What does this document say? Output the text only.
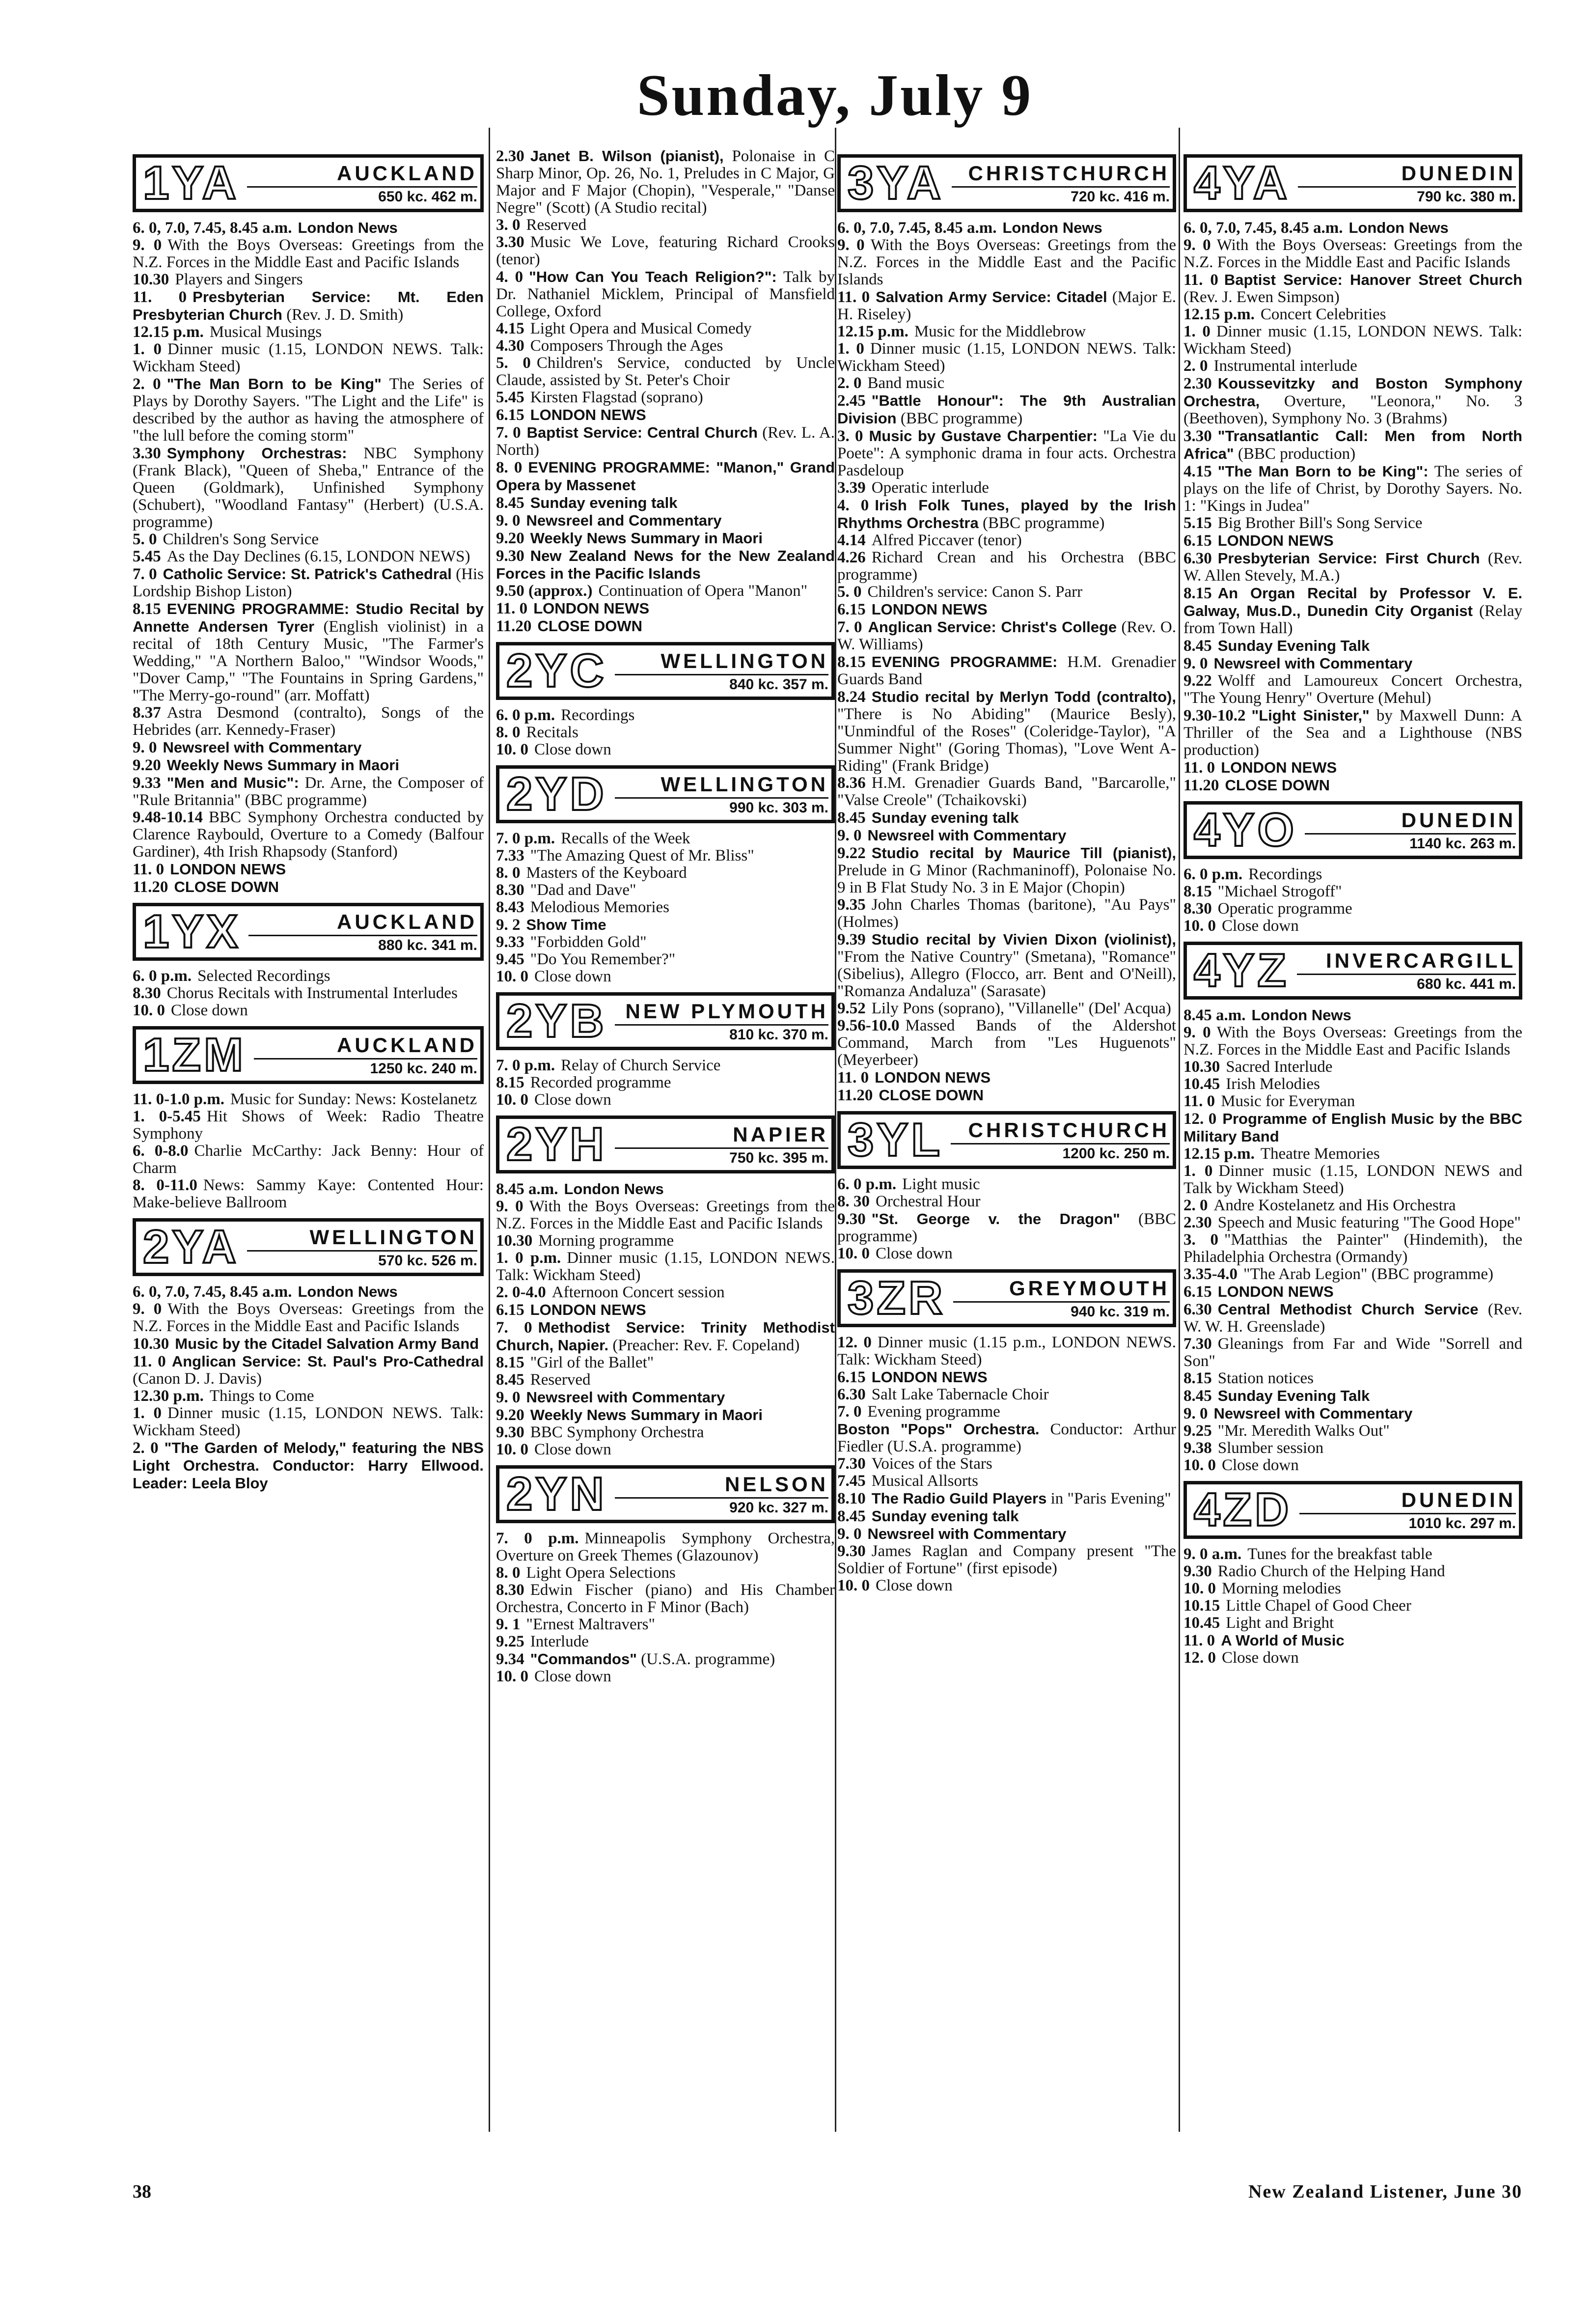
Sunday, July 9
1YA	AUCKLAND
650 kc. 462 m.

6. 0, 7.0, 7.45, 8.45 a.m. London News

9. 0 With the Boys Overseas: Greetings from the N.Z. Forces in the Middle East and Pacific Islands

10.30 Players and Singers

11. 0 Presbyterian Service: Mt. Eden Presbyterian Church (Rev. J. D. Smith)

12.15 p.m. Musical Musings

1. 0 Dinner music (1.15, LONDON NEWS. Talk: Wickham Steed)

2. 0 "The Man Born to be King" The Series of Plays by Dorothy Sayers. "The Light and the Life" is described by the author as having the atmosphere of "the lull before the coming storm"

3.30 Symphony Orchestras: NBC Symphony (Frank Black), "Queen of Sheba," Entrance of the Queen (Goldmark), Unfinished Symphony (Schubert), "Woodland Fantasy" (Herbert) (U.S.A. programme)

5. 0 Children's Song Service

5.45 As the Day Declines (6.15, LONDON NEWS)

7. 0 Catholic Service: St. Patrick's Cathedral (His Lordship Bishop Liston)

8.15 EVENING PROGRAMME: Studio Recital by Annette Andersen Tyrer (English violinist) in a recital of 18th Century Music, "The Farmer's Wedding," "A Northern Baloo," "Windsor Woods," "Dover Camp," "The Fountains in Spring Gardens," "The Merry-go-round" (arr. Moffatt)

8.37 Astra Desmond (contralto), Songs of the Hebrides (arr. Kennedy-Fraser)

9. 0 Newsreel with Commentary

9.20 Weekly News Summary in Maori

9.33 "Men and Music": Dr. Arne, the Composer of "Rule Britannia" (BBC programme)

9.48-10.14 BBC Symphony Orchestra conducted by Clarence Raybould, Overture to a Comedy (Balfour Gardiner), 4th Irish Rhapsody (Stanford)

11. 0 LONDON NEWS

11.20 CLOSE DOWN

1YX	AUCKLAND
880 kc. 341 m.

6. 0 p.m. Selected Recordings

8.30 Chorus Recitals with Instrumental Interludes

10. 0 Close down

1ZM	AUCKLAND
1250 kc. 240 m.

11. 0-1.0 p.m. Music for Sunday: News: Kostelanetz

1. 0-5.45 Hit Shows of Week: Radio Theatre Symphony

6. 0-8.0 Charlie McCarthy: Jack Benny: Hour of Charm

8. 0-11.0 News: Sammy Kaye: Contented Hour: Make-believe Ballroom

2YA	WELLINGTON
570 kc. 526 m.

6. 0, 7.0, 7.45, 8.45 a.m. London News

9. 0 With the Boys Overseas: Greetings from the N.Z. Forces in the Middle East and Pacific Islands

10.30 Music by the Citadel Salvation Army Band

11. 0 Anglican Service: St. Paul's Pro-Cathedral (Canon D. J. Davis)

12.30 p.m. Things to Come

1. 0 Dinner music (1.15, LONDON NEWS. Talk: Wickham Steed)

2. 0 "The Garden of Melody," featuring the NBS Light Orchestra. Conductor: Harry Ellwood. Leader: Leela Bloy

2.30 Janet B. Wilson (pianist), Polonaise in C Sharp Minor, Op. 26, No. 1, Preludes in C Major, G Major and F Major (Chopin), "Vesperale," "Danse Negre" (Scott) (A Studio recital)

3. 0 Reserved

3.30 Music We Love, featuring Richard Crooks (tenor)

4. 0 "How Can You Teach Religion?": Talk by Dr. Nathaniel Micklem, Principal of Mansfield College, Oxford

4.15 Light Opera and Musical Comedy

4.30 Composers Through the Ages

5. 0 Children's Service, conducted by Uncle Claude, assisted by St. Peter's Choir

5.45 Kirsten Flagstad (soprano)

6.15 LONDON NEWS

7. 0 Baptist Service: Central Church (Rev. L. A. North)

8. 0 EVENING PROGRAMME: "Manon," Grand Opera by Massenet

8.45 Sunday evening talk

9. 0 Newsreel and Commentary

9.20 Weekly News Summary in Maori

9.30 New Zealand News for the New Zealand Forces in the Pacific Islands

9.50 (approx.) Continuation of Opera "Manon"

11. 0 LONDON NEWS

11.20 CLOSE DOWN

2YC	WELLINGTON
840 kc. 357 m.

6. 0 p.m. Recordings

8. 0 Recitals

10. 0 Close down

2YD	WELLINGTON
990 kc. 303 m.

7. 0 p.m. Recalls of the Week

7.33 "The Amazing Quest of Mr. Bliss"

8. 0 Masters of the Keyboard

8.30 "Dad and Dave"

8.43 Melodious Memories

9. 2 Show Time

9.33 "Forbidden Gold"

9.45 "Do You Remember?"

10. 0 Close down

2YB NEW PLYMOUTH
810 kc. 370 m.

7. 0 p.m. Relay of Church Service

8.15 Recorded programme

10. 0 Close down

2YH	NAPIER
750 kc. 395 m.

8.45 a.m. London News

9. 0 With the Boys Overseas: Greetings from the N.Z. Forces in the Middle East and Pacific Islands

10.30 Morning programme

1. 0 p.m. Dinner music (1.15, LONDON NEWS. Talk: Wickham Steed)

2. 0-4.0 Afternoon Concert session

6.15 LONDON NEWS

7. 0 Methodist Service: Trinity Methodist Church, Napier. (Preacher: Rev. F. Copeland)

8.15 "Girl of the Ballet"

8.45 Reserved

9. 0 Newsreel with Commentary

9.20 Weekly News Summary in Maori

9.30 BBC Symphony Orchestra

10. 0 Close down

2YN	NELSON
920 kc. 327 m.

7. 0 p.m. Minneapolis Symphony Orchestra, Overture on Greek Themes (Glazounov)

8. 0 Light Opera Selections

8.30 Edwin Fischer (piano) and His Chamber Orchestra, Concerto in F Minor (Bach)

9. 1 "Ernest Maltravers"

9.25 Interlude

9.34 "Commandos" (U.S.A. programme)

10. 0 Close down

3YA	CHRISTCHURCH
720 kc. 416 m.

6. 0, 7.0, 7.45, 8.45 a.m. London News

9. 0 With the Boys Overseas: Greetings from the N.Z. Forces in the Middle East and the Pacific Islands

11. 0 Salvation Army Service: Citadel (Major E. H. Riseley)

12.15 p.m. Music for the Middlebrow

1. 0 Dinner music (1.15, LONDON NEWS. Talk: Wickham Steed)

2. 0 Band music

2.45 "Battle Honour": The 9th Australian Division (BBC programme)

3. 0 Music by Gustave Charpentier: "La Vie du Poete": A symphonic drama in four acts. Orchestra Pasdeloup

3.39 Operatic interlude

4. 0 Irish Folk Tunes, played by the Irish Rhythms Orchestra (BBC programme)

4.14 Alfred Piccaver (tenor)

4.26 Richard Crean and his Orchestra (BBC programme)

5. 0 Children's service: Canon S. Parr

6.15 LONDON NEWS

7. 0 Anglican Service: Christ's College (Rev. O. W. Williams)

8.15 EVENING PROGRAMME: H.M. Grenadier Guards Band

8.24 Studio recital by Merlyn Todd (contralto), "There is No Abiding" (Maurice Besly), "Unmindful of the Roses" (Coleridge-Taylor), "A Summer Night" (Goring Thomas), "Love Went A-Riding" (Frank Bridge)

8.36 H.M. Grenadier Guards Band, "Barcarolle," "Valse Creole" (Tchaikovski)

8.45 Sunday evening talk

9. 0 Newsreel with Commentary

9.22 Studio recital by Maurice Till (pianist), Prelude in G Minor (Rachmaninoff), Polonaise No. 9 in B Flat Study No. 3 in E Major (Chopin)

9.35 John Charles Thomas (baritone), "Au Pays" (Holmes)

9.39 Studio recital by Vivien Dixon (violinist), "From the Native Country" (Smetana), "Romance" (Sibelius), Allegro (Flocco, arr. Bent and O'Neill), "Romanza Andaluza" (Sarasate)

9.52 Lily Pons (soprano), "Villanelle" (Del' Acqua)

9.56-10.0 Massed Bands of the Aldershot Command, March from "Les Huguenots" (Meyerbeer)

11. 0 LONDON NEWS

11.20 CLOSE DOWN

3YL	CHRISTCHURCH
1200 kc. 250 m.

6. 0 p.m. Light music

8. 30 Orchestral Hour

9.30 "St. George v. the Dragon" (BBC programme)

10. 0 Close down

3ZR	GREYMOUTH
940 kc. 319 m.

12. 0 Dinner music (1.15 p.m., LONDON NEWS. Talk: Wickham Steed)

6.15 LONDON NEWS

6.30 Salt Lake Tabernacle Choir

7. 0 Evening programme

Boston "Pops" Orchestra. Conductor: Arthur Fiedler (U.S.A. programme)

7.30 Voices of the Stars

7.45 Musical Allsorts

8.10 The Radio Guild Players in "Paris Evening"

8.45 Sunday evening talk

9. 0 Newsreel with Commentary

9.30 James Raglan and Company present "The Soldier of Fortune" (first episode)

10. 0 Close down

4YA	DUNEDIN
790 kc. 380 m.

6. 0, 7.0, 7.45, 8.45 a.m. London News

9. 0 With the Boys Overseas: Greetings from the N.Z. Forces in the Middle East and Pacific Islands

11. 0 Baptist Service: Hanover Street Church (Rev. J. Ewen Simpson)

12.15 p.m. Concert Celebrities

1. 0 Dinner music (1.15, LONDON NEWS. Talk: Wickham Steed)

2. 0 Instrumental interlude

2.30 Koussevitzky and Boston Symphony Orchestra, Overture, "Leonora," No. 3 (Beethoven), Symphony No. 3 (Brahms)

3.30 "Transatlantic Call: Men from North Africa" (BBC production)

4.15 "The Man Born to be King": The series of plays on the life of Christ, by Dorothy Sayers. No. 1: "Kings in Judea"

5.15 Big Brother Bill's Song Service

6.15 LONDON NEWS

6.30 Presbyterian Service: First Church (Rev. W. Allen Stevely, M.A.)

8.15 An Organ Recital by Professor V. E. Galway, Mus.D., Dunedin City Organist (Relay from Town Hall)

8.45 Sunday Evening Talk

9. 0 Newsreel with Commentary

9.22 Wolff and Lamoureux Concert Orchestra, "The Young Henry" Overture (Mehul)

9.30-10.2 "Light Sinister," by Maxwell Dunn: A Thriller of the Sea and a Lighthouse (NBS production)

11. 0 LONDON NEWS

11.20 CLOSE DOWN

4YO	DUNEDIN
1140 kc. 263 m.

6. 0 p.m. Recordings

8.15 "Michael Strogoff"

8.30 Operatic programme

10. 0 Close down

4YZ	INVERCARGILL
680 kc. 441 m.

8.45 a.m. London News

9. 0 With the Boys Overseas: Greetings from the N.Z. Forces in the Middle East and Pacific Islands

10.30 Sacred Interlude

10.45 Irish Melodies

11. 0 Music for Everyman

12. 0 Programme of English Music by the BBC Military Band

12.15 p.m. Theatre Memories

1. 0 Dinner music (1.15, LONDON NEWS and Talk by Wickham Steed)

2. 0 Andre Kostelanetz and His Orchestra

2.30 Speech and Music featuring "The Good Hope"

3. 0 "Matthias the Painter" (Hindemith), the Philadelphia Orchestra (Ormandy)

3.35-4.0 "The Arab Legion" (BBC programme)

6.15 LONDON NEWS

6.30 Central Methodist Church Service (Rev. W. W. H. Greenslade)

7.30 Gleanings from Far and Wide "Sorrell and Son"

8.15 Station notices

8.45 Sunday Evening Talk

9. 0 Newsreel with Commentary

9.25 "Mr. Meredith Walks Out"

9.38 Slumber session

10. 0 Close down

4ZD	DUNEDIN
1010 kc. 297 m.

9. 0 a.m. Tunes for the breakfast table

9.30 Radio Church of the Helping Hand

10. 0 Morning melodies

10.15 Little Chapel of Good Cheer

10.45 Light and Bright

11. 0 A World of Music

12. 0 Close down

38	New Zealand Listener, June 30
